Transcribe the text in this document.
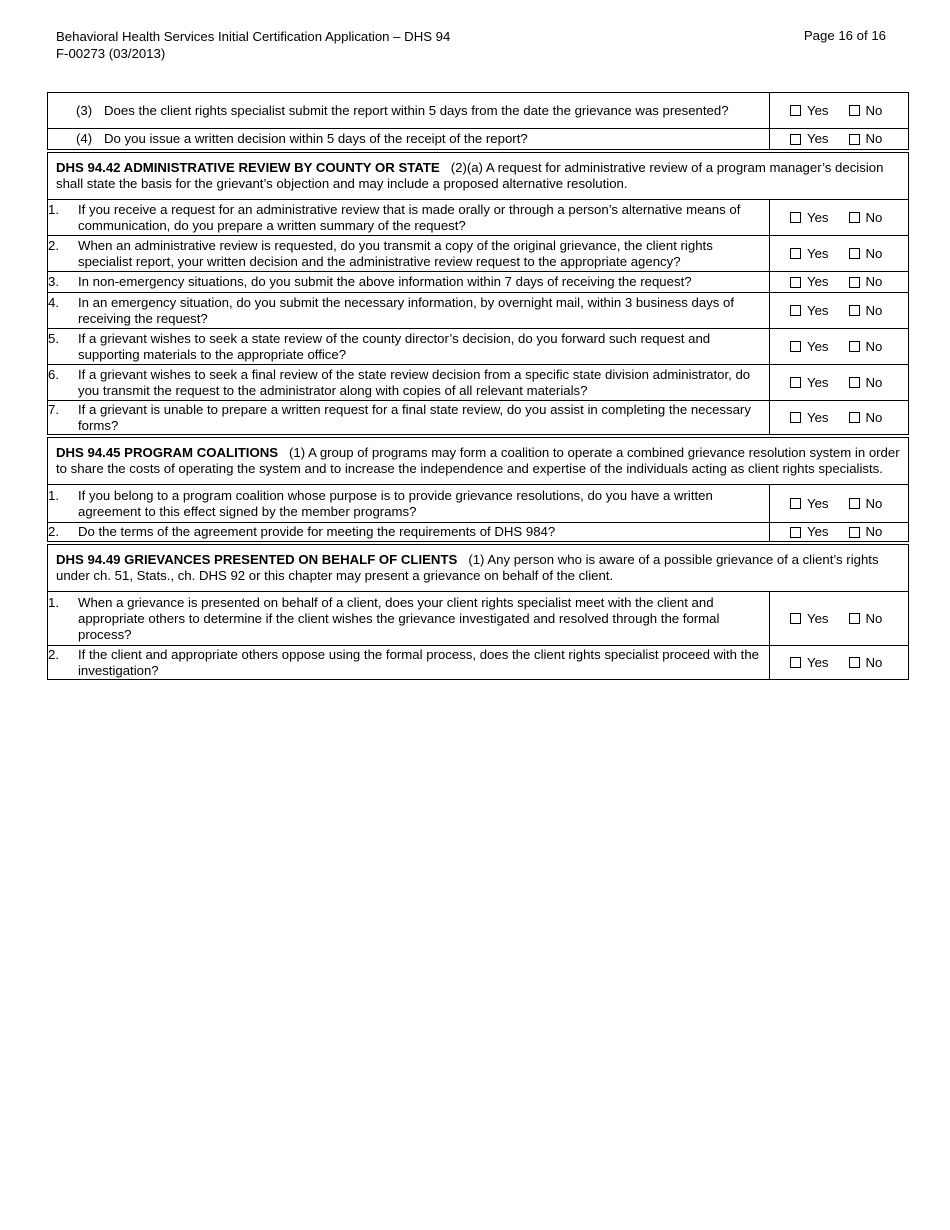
Behavioral Health Services Initial Certification Application – DHS 94
F-00273 (03/2013)
Page 16 of 16
(3) Does the client rights specialist submit the report within 5 days from the date the grievance was presented?	Yes No

(4) Do you issue a written decision within 5 days of the receipt of the report?	Yes No

DHS 94.42 ADMINISTRATIVE REVIEW BY COUNTY OR STATE (2)(a) A request for administrative review of a program manager’s decision shall state the basis for the grievant’s objection and may include a proposed alternative resolution.	

1. If you receive a request for an administrative review that is made orally or through a person’s alternative means of communication, do you prepare a written summary of the request?	Yes No

2. When an administrative review is requested, do you transmit a copy of the original grievance, the client rights specialist report, your written decision and the administrative review request to the appropriate agency?	Yes No

3. In non-emergency situations, do you submit the above information within 7 days of receiving the request?	Yes No

4. In an emergency situation, do you submit the necessary information, by overnight mail, within 3 business days of receiving the request?	Yes No

5. If a grievant wishes to seek a state review of the county director’s decision, do you forward such request and supporting materials to the appropriate office?	Yes No

6. If a grievant wishes to seek a final review of the state review decision from a specific state division administrator, do you transmit the request to the administrator along with copies of all relevant materials?	Yes No

7. If a grievant is unable to prepare a written request for a final state review, do you assist in completing the necessary forms?	Yes No

DHS 94.45 PROGRAM COALITIONS (1) A group of programs may form a coalition to operate a combined grievance resolution system in order to share the costs of operating the system and to increase the independence and expertise of the individuals acting as client rights specialists.	

1. If you belong to a program coalition whose purpose is to provide grievance resolutions, do you have a written agreement to this effect signed by the member programs?	Yes No

2. Do the terms of the agreement provide for meeting the requirements of DHS 984?	Yes No

DHS 94.49 GRIEVANCES PRESENTED ON BEHALF OF CLIENTS (1) Any person who is aware of a possible grievance of a client’s rights under ch. 51, Stats., ch. DHS 92 or this chapter may present a grievance on behalf of the client.	

1. When a grievance is presented on behalf of a client, does your client rights specialist meet with the client and appropriate others to determine if the client wishes the grievance investigated and resolved through the formal process?	Yes No

2. If the client and appropriate others oppose using the formal process, does the client rights specialist proceed with the investigation?	Yes No
